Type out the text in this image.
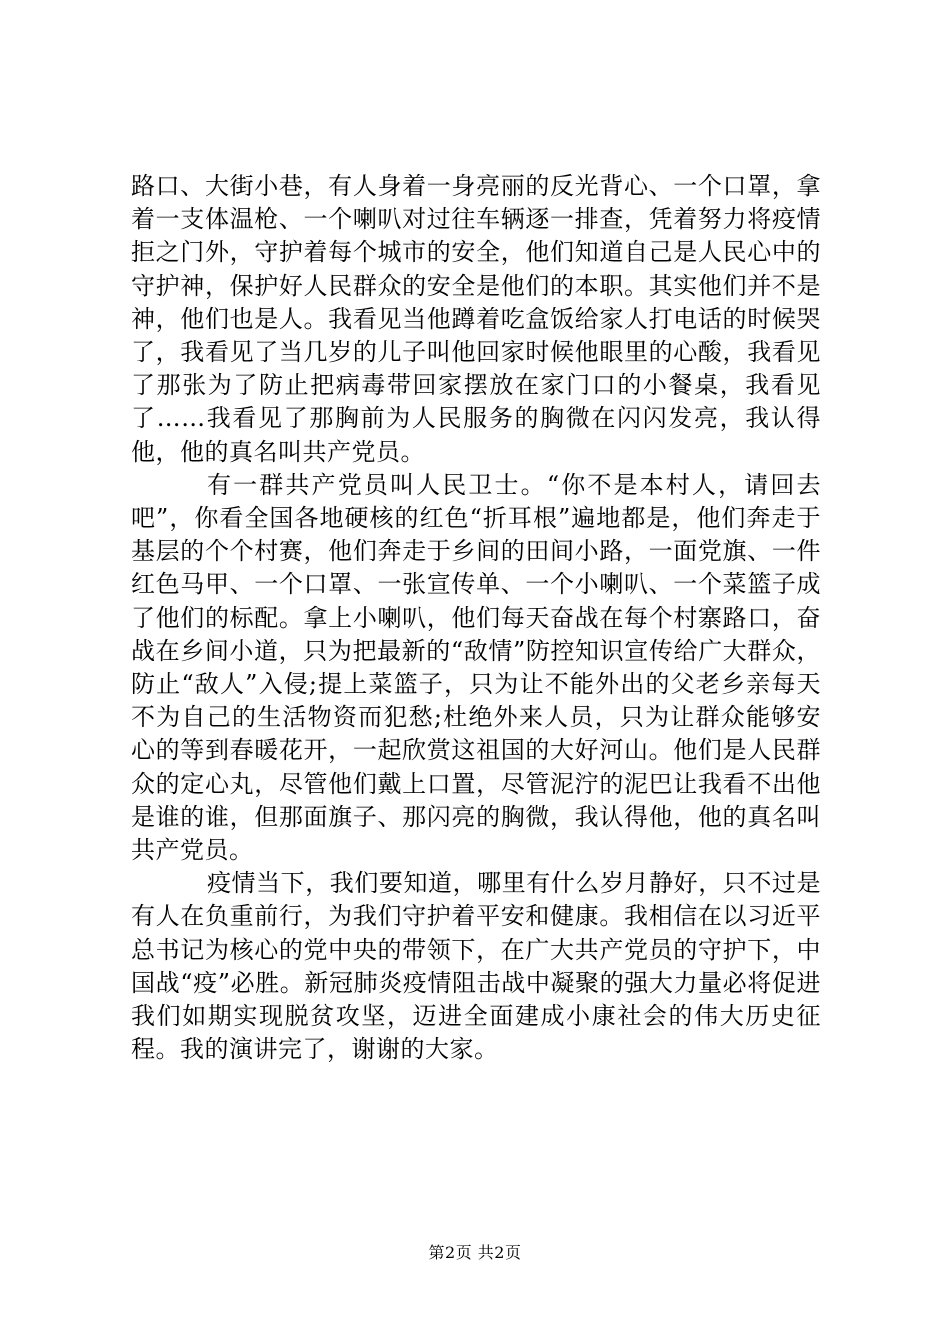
路口、大街小巷，有人身着一身亮丽的反光背心、一个口罩，拿着一支体温枪、一个喇叭对过往车辆逐一排查，凭着努力将疫情拒之门外，守护着每个城市的安全，他们知道自己是人民心中的守护神，保护好人民群众的安全是他们的本职。其实他们并不是神，他们也是人。我看见当他蹲着吃盒饭给家人打电话的时候哭了，我看见了当几岁的儿子叫他回家时候他眼里的心酸，我看见了那张为了防止把病毒带回家摆放在家门口的小餐桌，我看见了……我看见了那胸前为人民服务的胸微在闪闪发亮，我认得他，他的真名叫共产党员。

有一群共产党员叫人民卫士。“你不是本村人，请回去吧”，你看全国各地硬核的红色“折耳根”遍地都是，他们奔走于基层的个个村赛，他们奔走于乡间的田间小路，一面党旗、一件红色马甲、一个口罩、一张宣传单、一个小喇叭、一个菜篮子成了他们的标配。拿上小喇叭，他们每天奋战在每个村寨路口，奋战在乡间小道，只为把最新的“敌情”防控知识宣传给广大群众，防止“敌人”入侵;提上菜篮子，只为让不能外出的父老乡亲每天不为自己的生活物资而犯愁;杜绝外来人员，只为让群众能够安心的等到春暖花开，一起欣赏这祖国的大好河山。他们是人民群众的定心丸，尽管他们戴上口置，尽管泥泞的泥巴让我看不出他是谁的谁，但那面旗子、那闪亮的胸微，我认得他，他的真名叫共产党员。

疫情当下，我们要知道，哪里有什么岁月静好，只不过是有人在负重前行，为我们守护着平安和健康。我相信在以习近平总书记为核心的党中央的带领下，在广大共产党员的守护下，中国战“疫”必胜。新冠肺炎疫情阻击战中凝聚的强大力量必将促进我们如期实现脱贫攻坚，迈进全面建成小康社会的伟大历史征程。我的演讲完了，谢谢的大家。

第2页 共2页
